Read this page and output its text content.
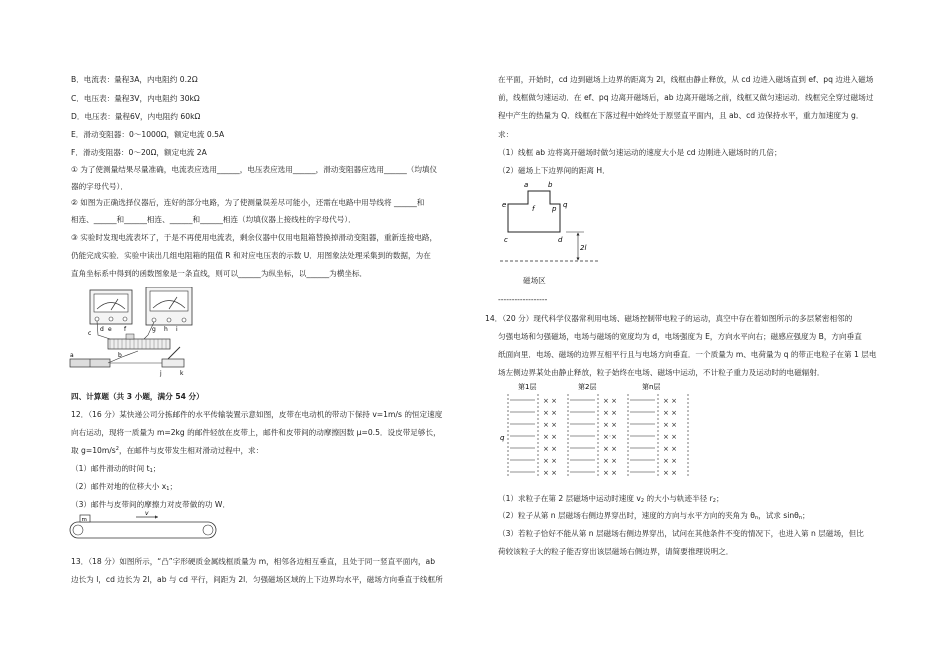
B．电流表：量程3A，内电阻约 0.2Ω
C．电压表：量程3V，内电阻约 30kΩ
D．电压表：量程6V，内电阻约 60kΩ
E．滑动变阻器：0～1000Ω，额定电流 0.5A
F．滑动变阻器：0～20Ω，额定电流 2A
① 为了使测量结果尽量准确，电流表应选用______，电压表应选用______，滑动变阻器应选用______（均填仪
器的字母代号）．
② 如图为正确选择仪器后，连好的部分电路，为了使测量误差尽可能小，还需在电路中用导线将 ______和
相连、______和______相连、______和______相连（均填仪器上接线柱的字母代号）．
③ 实验时发现电流表坏了，于是不再使用电流表，剩余仪器中仅用电阻箱替换掉滑动变阻器，重新连接电路，
仍能完成实验．实验中读出几组电阻箱的阻值 R 和对应电压表的示数 U．用图象法处理采集到的数据，为在
直角坐标系中得到的函数图象是一条直线，则可以______为纵坐标，以______为横坐标．
a	b
c
d e f	g h i
j	k
四、计算题（共 3 小题，满分 54 分）
12．（16 分）某快递公司分拣邮件的水平传输装置示意如图，皮带在电动机的带动下保持 v=1m/s 的恒定速度
向右运动，现将一质量为 m=2kg 的邮件轻放在皮带上，邮件和皮带间的动摩擦因数 μ=0.5．设皮带足够长，
取 $g=10m/s^2$，在邮件与皮带发生相对滑动过程中，求：
（1）邮件滑动的时间 $t_1$；
（2）邮件对地的位移大小 $x_1$；
（3）邮件与皮带间的摩擦力对皮带做的功 W．
m
v
13．（18 分）如图所示，“凸”字形硬质金属线框质量为 m，相邻各边相互垂直，且处于同一竖直平面内，ab
边长为 l，cd 边长为 2l，ab 与 cd 平行，间距为 2l．匀强磁场区域的上下边界均水平，磁场方向垂直于线框所
在平面，开始时，cd 边到磁场上边界的距离为 2l，线框由静止释放，从 cd 边进入磁场直到 ef、pq 边进入磁场
前，线框做匀速运动．在 ef、pq 边离开磁场后，ab 边离开磁场之前，线框又做匀速运动．线框完全穿过磁场过
程中产生的热量为 Q．线框在下落过程中始终处于原竖直平面内，且 ab、cd 边保持水平，重力加速度为 g．
求：
（1）线框 ab 边将离开磁场时做匀速运动的速度大小是 cd 边刚进入磁场时的几倍；
（2）磁场上下边界间的距离 H．
a	b
e	f	p q
c	d
2l
磁场区
------------------
14．（20 分）现代科学仪器常利用电场、磁场控制带电粒子的运动，真空中存在着如图所示的多层紧密相邻的
匀强电场和匀强磁场，电场与磁场的宽度均为 d，电场强度为 E，方向水平向右；磁感应强度为 B，方向垂直
纸面向里．电场、磁场的边界互相平行且与电场方向垂直．一个质量为 m、电荷量为 q 的带正电粒子在第 1 层电
场左侧边界某处由静止释放，粒子始终在电场、磁场中运动，不计粒子重力及运动时的电磁辐射．
第1层	第2层	第n层
× ×
× ×
× ×
× ×
× ×
× ×
× ×
× ×
× ×
× ×
× ×
× ×
× ×
× ×
× ×
× ×
× ×
× ×
× ×
× ×
× ×
q
（1）求粒子在第 2 层磁场中运动时速度 $v_2$ 的大小与轨迹半径 $r_2$；
（2）粒子从第 n 层磁场右侧边界穿出时，速度的方向与水平方向的夹角为 $\theta_n$，试求 sinθ$_n$；
（3）若粒子恰好不能从第 n 层磁场右侧边界穿出，试问在其他条件不变的情况下，也进入第 n 层磁场，但比
荷较该粒子大的粒子能否穿出该层磁场右侧边界，请简要推理说明之．
